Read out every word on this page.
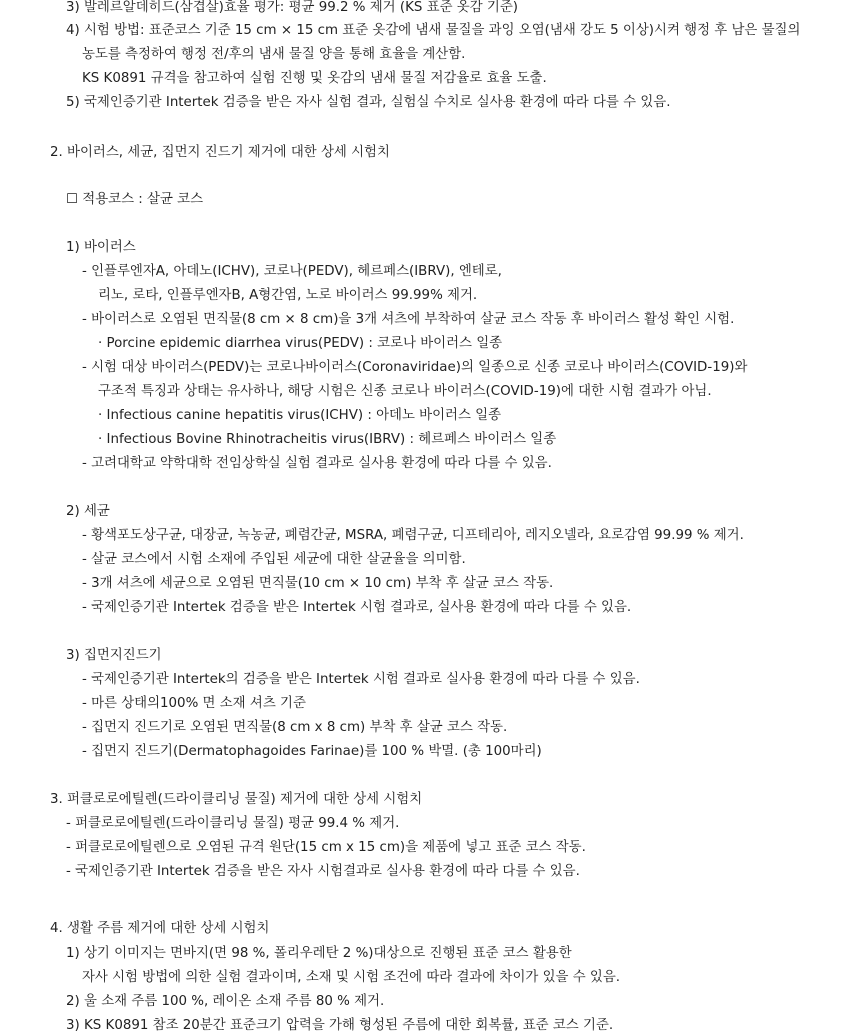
3) 발레르알데히드(삼겹살)효율 평가: 평균 99.2 % 제거 (KS 표준 옷감 기준)
4) 시험 방법: 표준코스 기준 15 cm × 15 cm 표준 옷감에 냄새 물질을 과잉 오염(냄새 강도 5 이상)시켜 행정 후 남은 물질의
농도를 측정하여 행정 전/후의 냄새 물질 양을 통해 효율을 계산함.
KS K0891 규격을 참고하여 실험 진행 및 옷감의 냄새 물질 저감율로 효율 도출.
5) 국제인증기관 Intertek 검증을 받은 자사 실험 결과, 실험실 수치로 실사용 환경에 따라 다를 수 있음.
2. 바이러스, 세균, 집먼지 진드기 제거에 대한 상세 시험치
☐ 적용코스 : 살균 코스
1) 바이러스
- 인플루엔자A, 아데노(ICHV), 코로나(PEDV), 헤르페스(IBRV), 엔테로,
리노, 로타, 인플루엔자B, A형간염, 노로 바이러스 99.99% 제거.
- 바이러스로 오염된 면직물(8 cm × 8 cm)을 3개 셔츠에 부착하여 살균 코스 작동 후 바이러스 활성 확인 시험.
· Porcine epidemic diarrhea virus(PEDV) : 코로나 바이러스 일종
- 시험 대상 바이러스(PEDV)는 코로나바이러스(Coronaviridae)의 일종으로 신종 코로나 바이러스(COVID-19)와
구조적 특징과 상태는 유사하나, 해당 시험은 신종 코로나 바이러스(COVID-19)에 대한 시험 결과가 아님.
· Infectious canine hepatitis virus(ICHV) : 아데노 바이러스 일종
· Infectious Bovine Rhinotracheitis virus(IBRV) : 헤르페스 바이러스 일종
- 고려대학교 약학대학 전임상학실 실험 결과로 실사용 환경에 따라 다를 수 있음.
2) 세균
- 황색포도상구균, 대장균, 녹농균, 폐렴간균, MSRA, 폐렴구균, 디프테리아, 레지오넬라, 요로감염 99.99 % 제거.
- 살균 코스에서 시험 소재에 주입된 세균에 대한 살균율을 의미함.
- 3개 셔츠에 세균으로 오염된 면직물(10 cm × 10 cm) 부착 후 살균 코스 작동.
- 국제인증기관 Intertek 검증을 받은 Intertek 시험 결과로, 실사용 환경에 따라 다를 수 있음.
3) 집먼지진드기
- 국제인증기관 Intertek의 검증을 받은 Intertek 시험 결과로 실사용 환경에 따라 다를 수 있음.
- 마른 상태의100% 면 소재 셔츠 기준
- 집먼지 진드기로 오염된 면직물(8 cm x 8 cm) 부착 후 살균 코스 작동.
- 집먼지 진드기(Dermatophagoides Farinae)를 100 % 박멸. (총 100마리)
3. 퍼클로로에틸렌(드라이클리닝 물질) 제거에 대한 상세 시험치
- 퍼클로로에틸렌(드라이클리닝 물질) 평균 99.4 % 제거.
- 퍼클로로에틸렌으로 오염된 규격 원단(15 cm x 15 cm)을 제품에 넣고 표준 코스 작동.
- 국제인증기관 Intertek 검증을 받은 자사 시험결과로 실사용 환경에 따라 다를 수 있음.
4. 생활 주름 제거에 대한 상세 시험치
1) 상기 이미지는 면바지(면 98 %, 폴리우레탄 2 %)대상으로 진행된 표준 코스 활용한
자사 시험 방법에 의한 실험 결과이며, 소재 및 시험 조건에 따라 결과에 차이가 있을 수 있음.
2) 울 소재 주름 100 %, 레이온 소재 주름 80 % 제거.
3) KS K0891 참조 20분간 표준크기 압력을 가해 형성된 주름에 대한 회복률, 표준 코스 기준.
